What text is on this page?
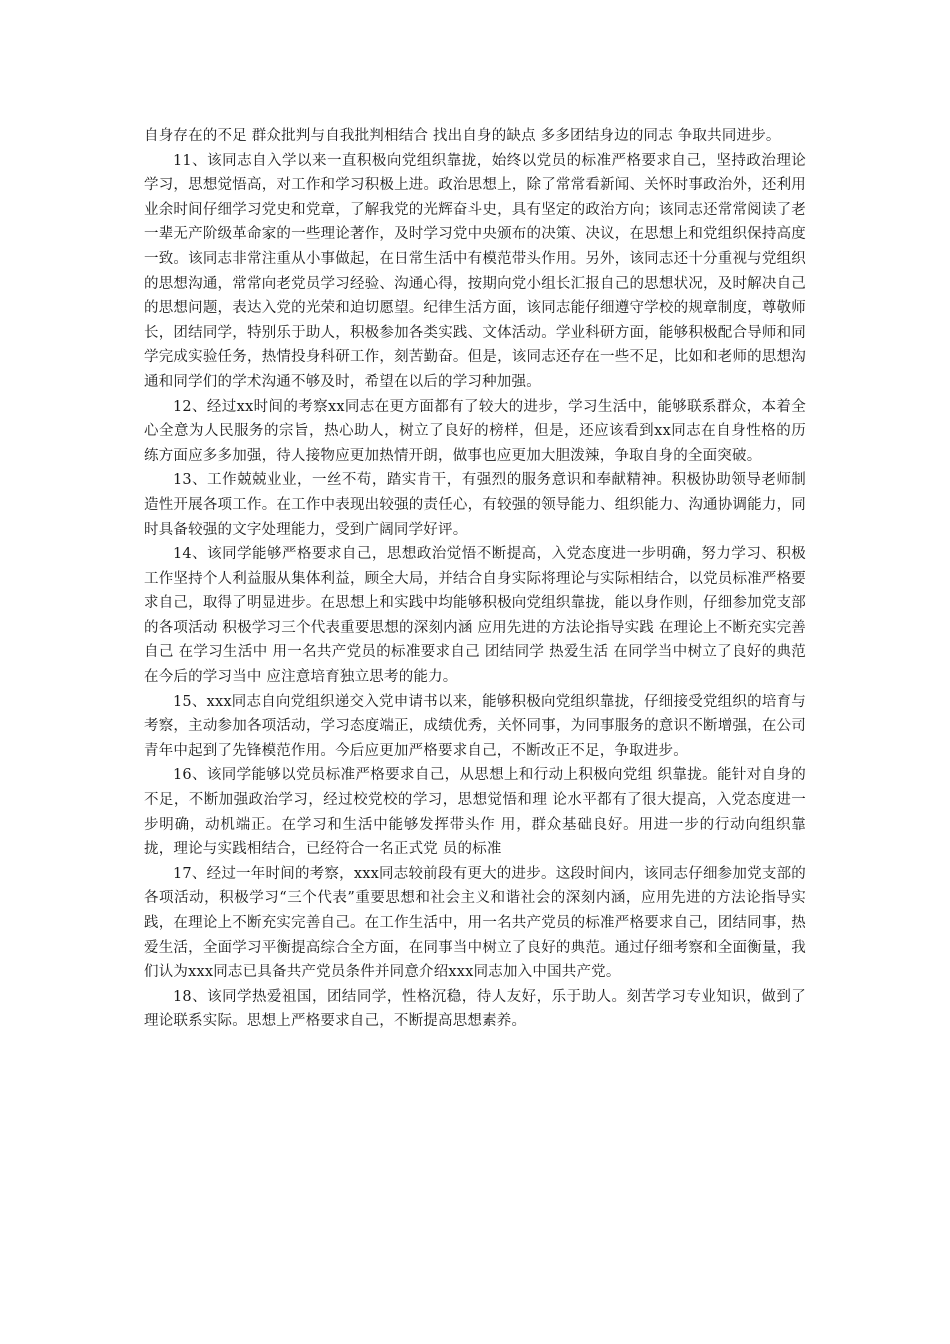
自身存在的不足 群众批判与自我批判相结合 找出自身的缺点 多多团结身边的同志 争取共同进步。

11、该同志自入学以来一直积极向党组织靠拢，始终以党员的标准严格要求自己，坚持政治理论学习，思想觉悟高，对工作和学习积极上进。政治思想上，除了常常看新闻、关怀时事政治外，还利用业余时间仔细学习党史和党章，了解我党的光辉奋斗史，具有坚定的政治方向；该同志还常常阅读了老一辈无产阶级革命家的一些理论著作，及时学习党中央颁布的决策、决议，在思想上和党组织保持高度一致。该同志非常注重从小事做起，在日常生活中有模范带头作用。另外，该同志还十分重视与党组织的思想沟通，常常向老党员学习经验、沟通心得，按期向党小组长汇报自己的思想状况，及时解决自己的思想问题，表达入党的光荣和迫切愿望。纪律生活方面，该同志能仔细遵守学校的规章制度，尊敬师长，团结同学，特别乐于助人，积极参加各类实践、文体活动。学业科研方面，能够积极配合导师和同学完成实验任务，热情投身科研工作，刻苦勤奋。但是，该同志还存在一些不足，比如和老师的思想沟通和同学们的学术沟通不够及时，希望在以后的学习种加强。

12、经过xx时间的考察xx同志在更方面都有了较大的进步，学习生活中，能够联系群众，本着全心全意为人民服务的宗旨，热心助人，树立了良好的榜样，但是，还应该看到xx同志在自身性格的历练方面应多多加强，待人接物应更加热情开朗，做事也应更加大胆泼辣，争取自身的全面突破。

13、工作兢兢业业，一丝不苟，踏实肯干，有强烈的服务意识和奉献精神。积极协助领导老师制造性开展各项工作。在工作中表现出较强的责任心，有较强的领导能力、组织能力、沟通协调能力，同时具备较强的文字处理能力，受到广阔同学好评。

14、该同学能够严格要求自己，思想政治觉悟不断提高，入党态度进一步明确，努力学习、积极工作坚持个人利益服从集体利益，顾全大局，并结合自身实际将理论与实际相结合，以党员标准严格要求自己，取得了明显进步。在思想上和实践中均能够积极向党组织靠拢，能以身作则，仔细参加党支部的各项活动 积极学习三个代表重要思想的深刻内涵 应用先进的方法论指导实践 在理论上不断充实完善自己 在学习生活中 用一名共产党员的标准要求自己 团结同学 热爱生活 在同学当中树立了良好的典范 在今后的学习当中 应注意培育独立思考的能力。

15、xxx同志自向党组织递交入党申请书以来，能够积极向党组织靠拢，仔细接受党组织的培育与考察，主动参加各项活动，学习态度端正，成绩优秀，关怀同事，为同事服务的意识不断增强，在公司青年中起到了先锋模范作用。今后应更加严格要求自己，不断改正不足，争取进步。

16、该同学能够以党员标准严格要求自己，从思想上和行动上积极向党组 织靠拢。能针对自身的不足，不断加强政治学习，经过校党校的学习，思想觉悟和理 论水平都有了很大提高，入党态度进一步明确，动机端正。在学习和生活中能够发挥带头作 用，群众基础良好。用进一步的行动向组织靠拢，理论与实践相结合，已经符合一名正式党 员的标准

17、经过一年时间的考察，xxx同志较前段有更大的进步。这段时间内，该同志仔细参加党支部的各项活动，积极学习“三个代表”重要思想和社会主义和谐社会的深刻内涵，应用先进的方法论指导实践，在理论上不断充实完善自己。在工作生活中，用一名共产党员的标准严格要求自己，团结同事，热爱生活，全面学习平衡提高综合全方面，在同事当中树立了良好的典范。通过仔细考察和全面衡量，我们认为xxx同志已具备共产党员条件并同意介绍xxx同志加入中国共产党。

18、该同学热爱祖国，团结同学，性格沉稳，待人友好，乐于助人。刻苦学习专业知识，做到了理论联系实际。思想上严格要求自己，不断提高思想素养。
